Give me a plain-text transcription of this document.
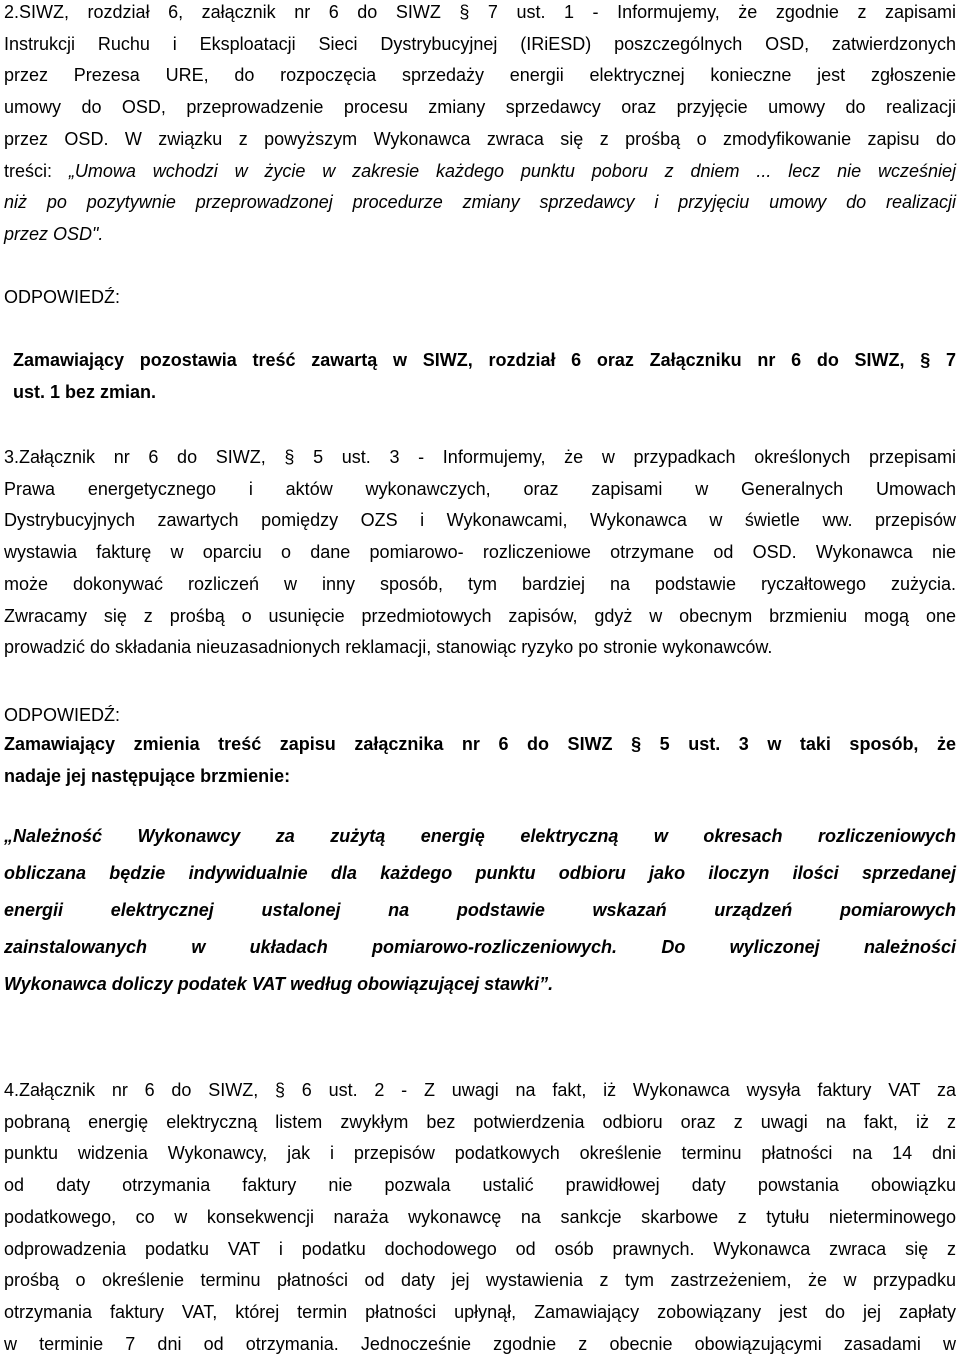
2.SIWZ, rozdział 6, załącznik nr 6 do SIWZ § 7 ust. 1 - Informujemy, że zgodnie z zapisami
Instrukcji Ruchu i Eksploatacji Sieci Dystrybucyjnej (IRiESD) poszczególnych OSD, zatwierdzonych
przez Prezesa URE, do rozpoczęcia sprzedaży energii elektrycznej konieczne jest zgłoszenie
umowy do OSD, przeprowadzenie procesu zmiany sprzedawcy oraz przyjęcie umowy do realizacji
przez OSD. W związku z powyższym Wykonawca zwraca się z prośbą o zmodyfikowanie zapisu do
treści: „Umowa wchodzi w życie w zakresie każdego punktu poboru z dniem ... lecz nie wcześniej
niż po pozytywnie przeprowadzonej procedurze zmiany sprzedawcy i przyjęciu umowy do realizacji
przez OSD".
ODPOWIEDŹ:
Zamawiający pozostawia treść zawartą w SIWZ, rozdział 6 oraz Załączniku nr 6 do SIWZ, § 7
ust. 1 bez zmian.
3.Załącznik nr 6 do SIWZ, § 5 ust. 3 - Informujemy, że w przypadkach określonych przepisami
Prawa energetycznego i aktów wykonawczych, oraz zapisami w Generalnych Umowach
Dystrybucyjnych zawartych pomiędzy OZS i Wykonawcami, Wykonawca w świetle ww. przepisów
wystawia fakturę w oparciu o dane pomiarowo- rozliczeniowe otrzymane od OSD. Wykonawca nie
może dokonywać rozliczeń w inny sposób, tym bardziej na podstawie ryczałtowego zużycia.
Zwracamy się z prośbą o usunięcie przedmiotowych zapisów, gdyż w obecnym brzmieniu mogą one
prowadzić do składania nieuzasadnionych reklamacji, stanowiąc ryzyko po stronie wykonawców.
ODPOWIEDŹ:
Zamawiający zmienia treść zapisu załącznika nr 6 do SIWZ § 5 ust. 3 w taki sposób, że
nadaje jej następujące brzmienie:
„Należność Wykonawcy za zużytą energię elektryczną w okresach rozliczeniowych
obliczana będzie indywidualnie dla każdego punktu odbioru jako iloczyn ilości sprzedanej
energii elektrycznej ustalonej na podstawie wskazań urządzeń pomiarowych
zainstalowanych w układach pomiarowo-rozliczeniowych. Do wyliczonej należności
Wykonawca doliczy podatek VAT według obowiązującej stawki”.
4.Załącznik nr 6 do SIWZ, § 6 ust. 2 - Z uwagi na fakt, iż Wykonawca wysyła faktury VAT za
pobraną energię elektryczną listem zwykłym bez potwierdzenia odbioru oraz z uwagi na fakt, iż z
punktu widzenia Wykonawcy, jak i przepisów podatkowych określenie terminu płatności na 14 dni
od daty otrzymania faktury nie pozwala ustalić prawidłowej daty powstania obowiązku
podatkowego, co w konsekwencji naraża wykonawcę na sankcje skarbowe z tytułu nieterminowego
odprowadzenia podatku VAT i podatku dochodowego od osób prawnych. Wykonawca zwraca się z
prośbą o określenie terminu płatności od daty jej wystawienia z tym zastrzeżeniem, że w przypadku
otrzymania faktury VAT, której termin płatności upłynął, Zamawiający zobowiązany jest do jej zapłaty
w terminie 7 dni od otrzymania. Jednocześnie zgodnie z obecnie obowiązującymi zasadami w
